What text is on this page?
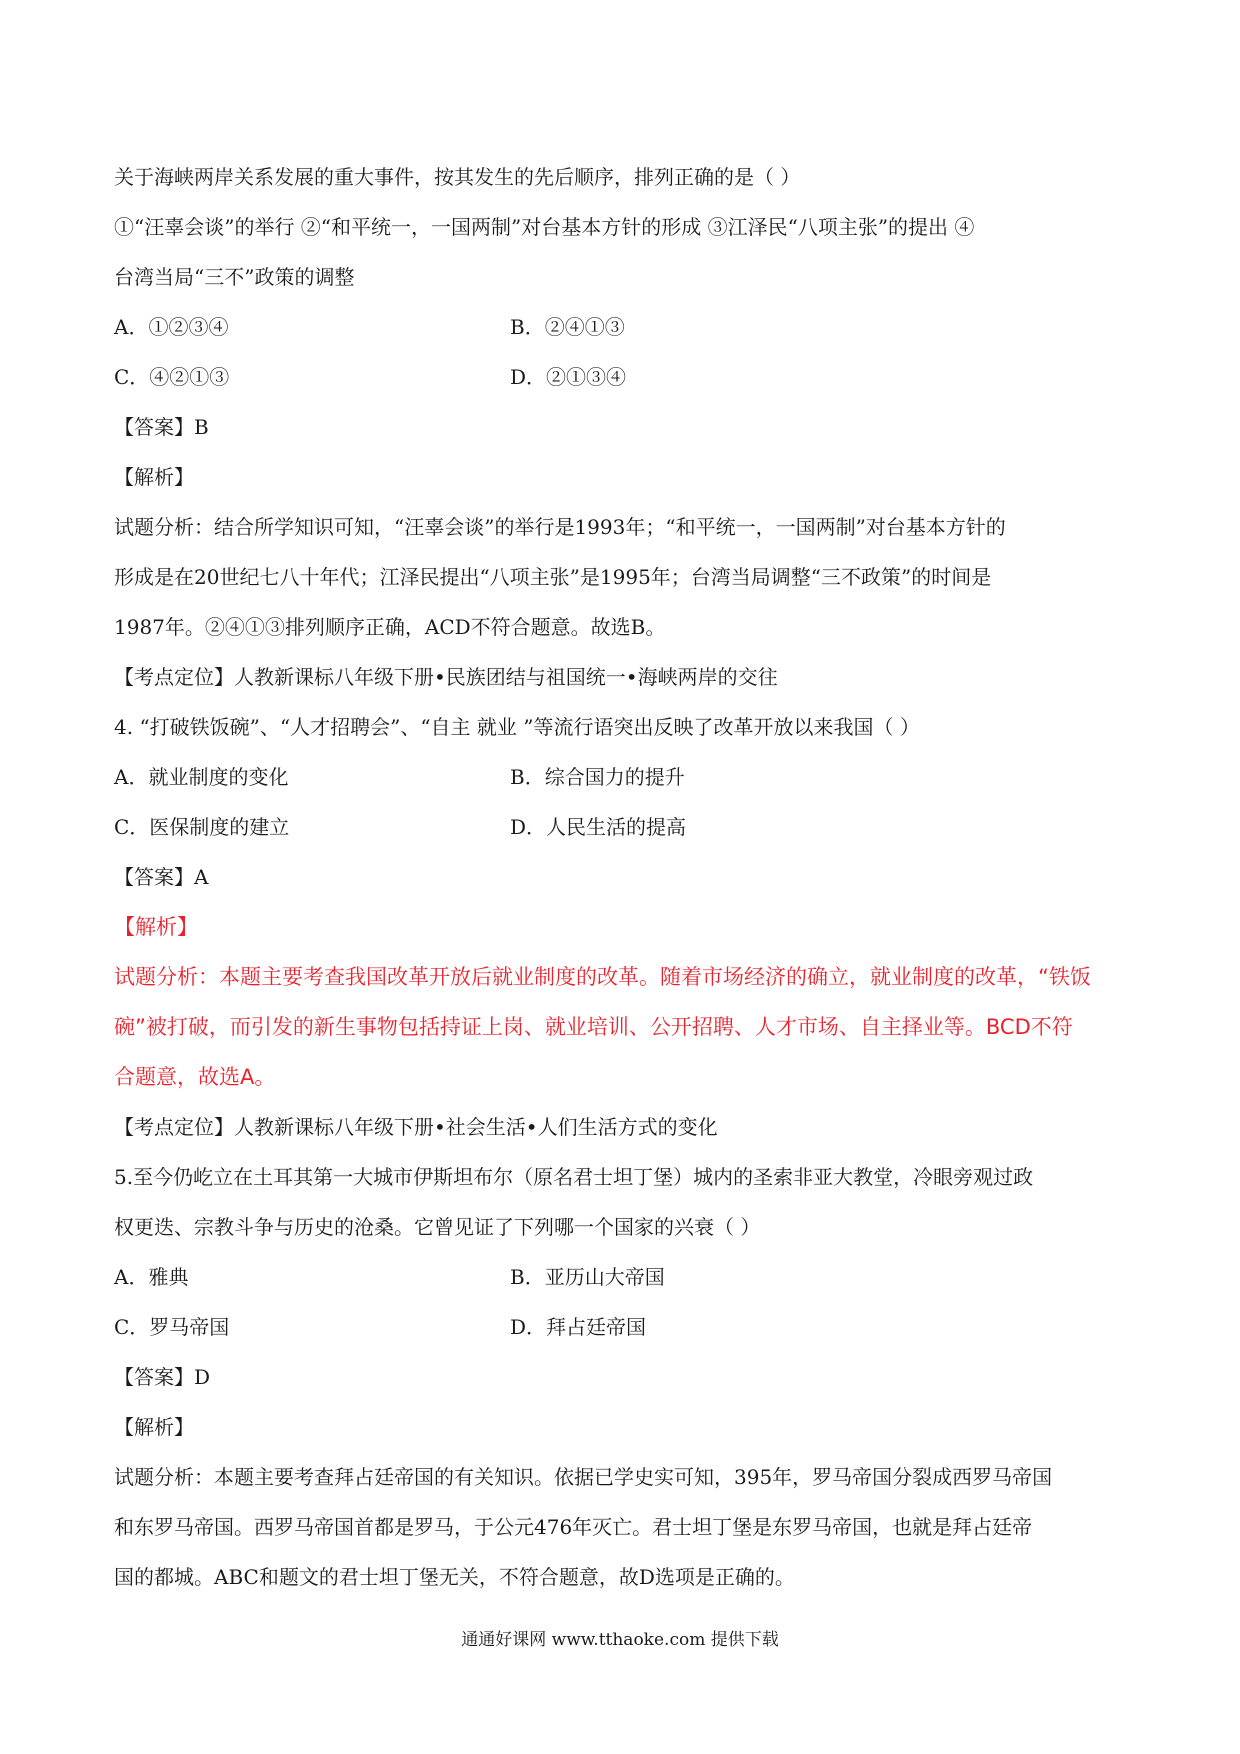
关于海峡两岸关系发展的重大事件，按其发生的先后顺序，排列正确的是（ ）
①“汪辜会谈”的举行 ②“和平统一，一国两制”对台基本方针的形成 ③江泽民“八项主张”的提出 ④
台湾当局“三不”政策的调整
A．①②③④	B．②④①③
C．④②①③	D．②①③④
【答案】B
【解析】
试题分析：结合所学知识可知，“汪辜会谈”的举行是1993年；“和平统一，一国两制”对台基本方针的
形成是在20世纪七八十年代；江泽民提出“八项主张”是1995年；台湾当局调整“三不政策”的时间是
1987年。②④①③排列顺序正确，ACD不符合题意。故选B。
【考点定位】人教新课标八年级下册•民族团结与祖国统一•海峡两岸的交往
4. “打破铁饭碗”、“人才招聘会”、“自主 就业 ”等流行语突出反映了改革开放以来我国（ ）
A．就业制度的变化	B．综合国力的提升
C．医保制度的建立	D．人民生活的提高
【答案】A
【解析】
试题分析：本题主要考查我国改革开放后就业制度的改革。随着市场经济的确立，就业制度的改革，“铁饭
碗”被打破，而引发的新生事物包括持证上岗、就业培训、公开招聘、人才市场、自主择业等。BCD不符
合题意，故选A。
【考点定位】人教新课标八年级下册•社会生活•人们生活方式的变化
5.至今仍屹立在土耳其第一大城市伊斯坦布尔（原名君士坦丁堡）城内的圣索非亚大教堂，冷眼旁观过政
权更迭、宗教斗争与历史的沧桑。它曾见证了下列哪一个国家的兴衰（ ）
A．雅典	B．亚历山大帝国
C．罗马帝国	D．拜占廷帝国
【答案】D
【解析】
试题分析：本题主要考查拜占廷帝国的有关知识。依据已学史实可知，395年，罗马帝国分裂成西罗马帝国
和东罗马帝国。西罗马帝国首都是罗马，于公元476年灭亡。君士坦丁堡是东罗马帝国，也就是拜占廷帝
国的都城。ABC和题文的君士坦丁堡无关，不符合题意，故D选项是正确的。
通通好课网 www.tthaoke.com 提供下载
